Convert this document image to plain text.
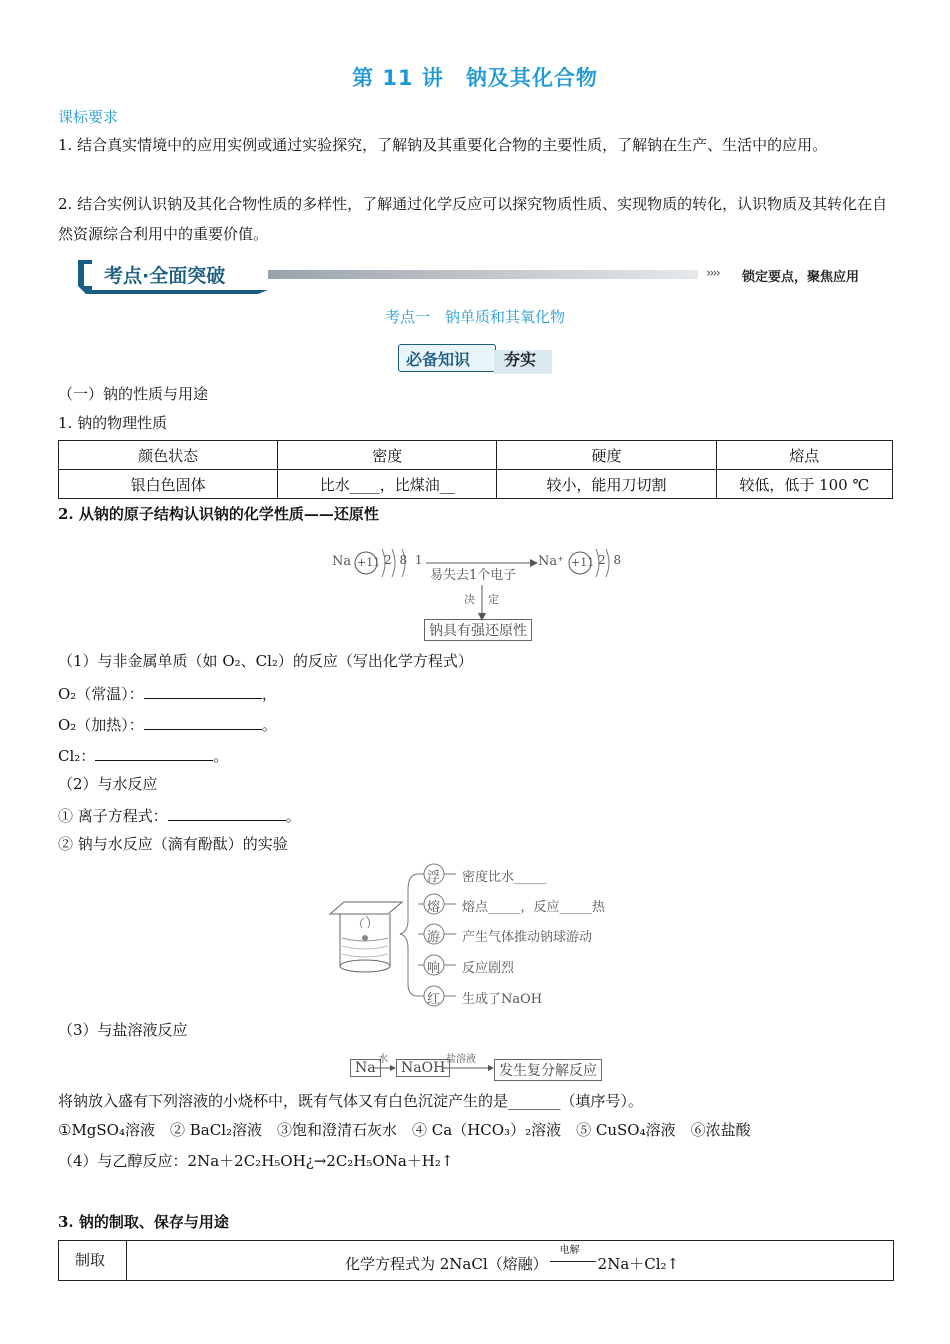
第 11 讲　钠及其化合物
课标要求
1. 结合真实情境中的应用实例或通过实验探究，了解钠及其重要化合物的主要性质，了解钠在生产、生活中的应用。
2. 结合实例认识钠及其化合物性质的多样性，了解通过化学反应可以探究物质性质、实现物质的转化，认识物质及其转化在自然资源综合利用中的重要价值。
考点·全面突破	›››› 锁定要点，聚焦应用
考点一　钠单质和其氧化物
必备知识 夯实
（一）钠的性质与用途
1. 钠的物理性质
颜色状态	密度	硬度	熔点
银白色固体	比水____，比煤油__	较小，能用刀切割	较低，低于 100 ℃
2. 从钠的原子结构认识钠的化学性质——还原性
Na +11 2 8 1
易失去1个电子
Na⁺ +11 2 8
决 定
钠具有强还原性
（1）与非金属单质（如 O₂、Cl₂）的反应（写出化学方程式）
O₂（常温）：	，
O₂（加热）：	。
Cl₂：	。
（2）与水反应
① 离子方程式：	。
② 钠与水反应（滴有酚酞）的实验
浮 密度比水_____
熔 熔点_____，反应_____热
游 产生气体推动钠球游动
响 反应剧烈
红 生成了NaOH
（3）与盐溶液反应
Na
水
NaOH
盐溶液
发生复分解反应
将钠放入盛有下列溶液的小烧杯中，既有气体又有白色沉淀产生的是_______（填序号）。
①MgSO₄溶液　② BaCl₂溶液　③饱和澄清石灰水　④ Ca（HCO₃）₂溶液　⑤ CuSO₄溶液　⑥浓盐酸
（4）与乙醇反应：2Na＋2C₂H₅OH¿→2C₂H₅ONa＋H₂↑
3. 钠的制取、保存与用途
制取	化学方程式为 2NaCl（熔融）
电解
2Na＋Cl₂↑
